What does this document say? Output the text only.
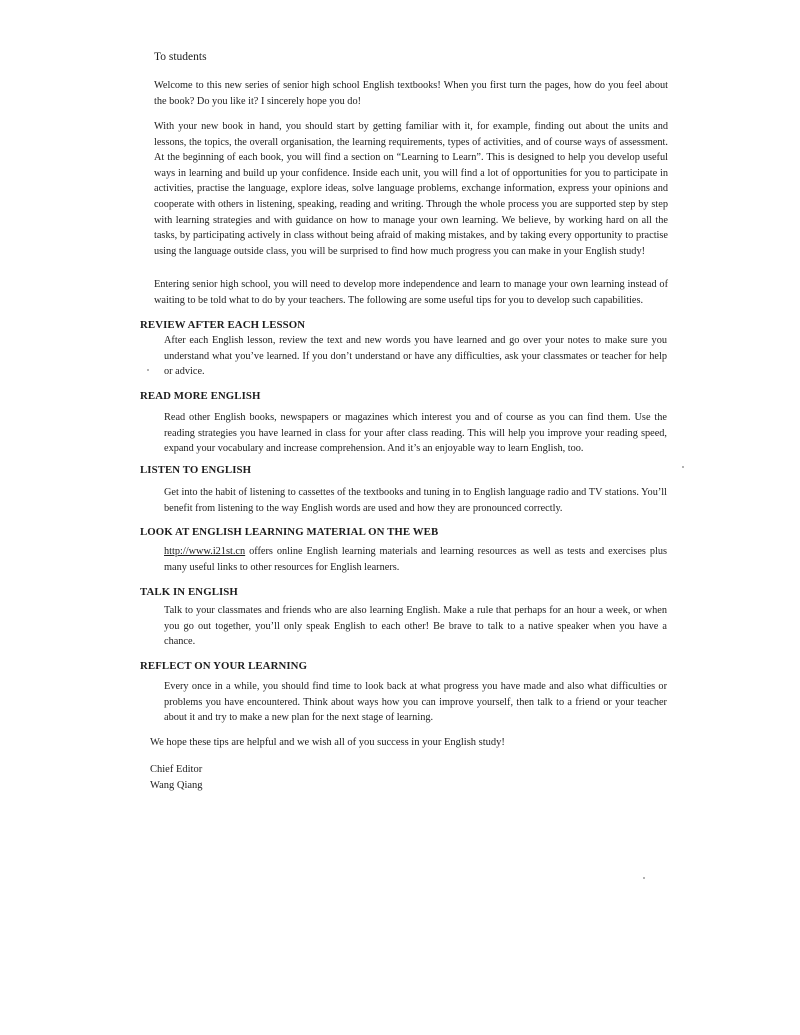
To students

Welcome to this new series of senior high school English textbooks! When you first turn the pages, how do you feel about the book? Do you like it? I sincerely hope you do!

With your new book in hand, you should start by getting familiar with it, for example, finding out about the units and lessons, the topics, the overall organisation, the learning requirements, types of activities, and of course ways of assessment. At the beginning of each book, you will find a section on “Learning to Learn”. This is designed to help you develop useful ways in learning and build up your confidence. Inside each unit, you will find a lot of opportunities for you to participate in activities, practise the language, explore ideas, solve language problems, exchange information, express your opinions and cooperate with others in listening, speaking, reading and writing. Through the whole process you are supported step by step with learning strategies and with guidance on how to manage your own learning. We believe, by working hard on all the tasks, by participating actively in class without being afraid of making mistakes, and by taking every opportunity to practise using the language outside class, you will be surprised to find how much progress you can make in your English study!

Entering senior high school, you will need to develop more independence and learn to manage your own learning instead of waiting to be told what to do by your teachers. The following are some useful tips for you to develop such capabilities.

REVIEW AFTER EACH LESSON

After each English lesson, review the text and new words you have learned and go over your notes to make sure you understand what you’ve learned. If you don’t understand or have any difficulties, ask your classmates or teacher for help or advice.

READ MORE ENGLISH

Read other English books, newspapers or magazines which interest you and of course as you can find them. Use the reading strategies you have learned in class for your after class reading. This will help you improve your reading speed, expand your vocabulary and increase comprehension. And it’s an enjoyable way to learn English, too.

LISTEN TO ENGLISH

Get into the habit of listening to cassettes of the textbooks and tuning in to English language radio and TV stations. You’ll benefit from listening to the way English words are used and how they are pronounced correctly.

LOOK AT ENGLISH LEARNING MATERIAL ON THE WEB

http://www.i21st.cn offers online English learning materials and learning resources as well as tests and exercises plus many useful links to other resources for English learners.

TALK IN ENGLISH

Talk to your classmates and friends who are also learning English. Make a rule that perhaps for an hour a week, or when you go out together, you’ll only speak English to each other! Be brave to talk to a native speaker when you have a chance.

REFLECT ON YOUR LEARNING

Every once in a while, you should find time to look back at what progress you have made and also what difficulties or problems you have encountered. Think about ways how you can improve yourself, then talk to a friend or your teacher about it and try to make a new plan for the next stage of learning.

We hope these tips are helpful and we wish all of you success in your English study!

Chief Editor
Wang Qiang
